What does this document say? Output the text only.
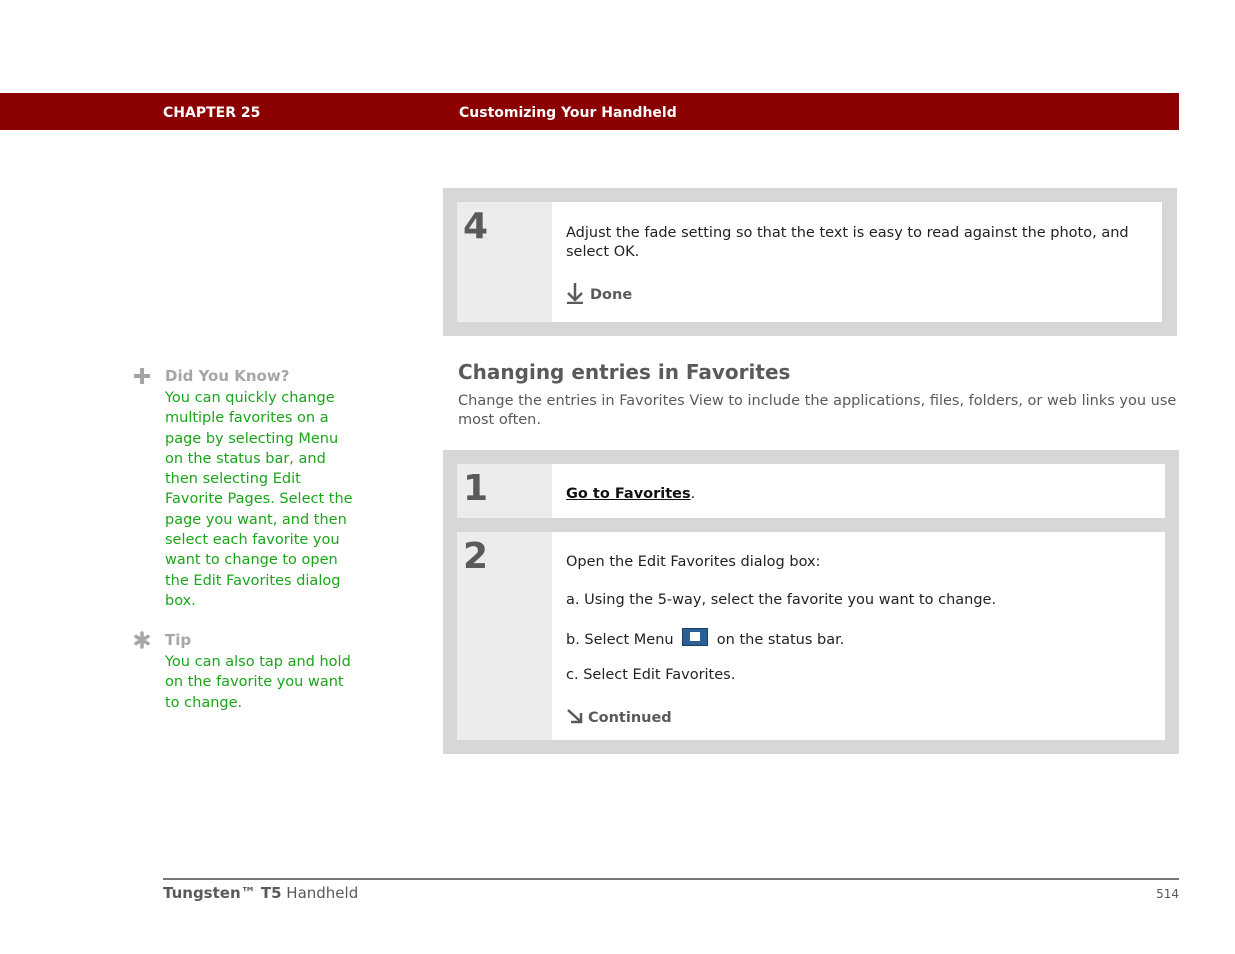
CHAPTER 25	Customizing Your Handheld
Did You Know?
You can quickly change multiple favorites on a page by selecting Menu on the status bar, and then selecting Edit Favorite Pages. Select the page you want, and then select each favorite you want to change to open the Edit Favorites dialog box.
Tip
You can also tap and hold on the favorite you want to change.
4	Adjust the fade setting so that the text is easy to read against the photo, and select OK.
Done
Changing entries in Favorites
Change the entries in Favorites View to include the applications, files, folders, or web links you use most often.
1	Go to Favorites.
2	Open the Edit Favorites dialog box:
a. Using the 5-way, select the favorite you want to change.
b. Select Menu	on the status bar.
c. Select Edit Favorites.
Continued
Tungsten™ T5 Handheld	514
